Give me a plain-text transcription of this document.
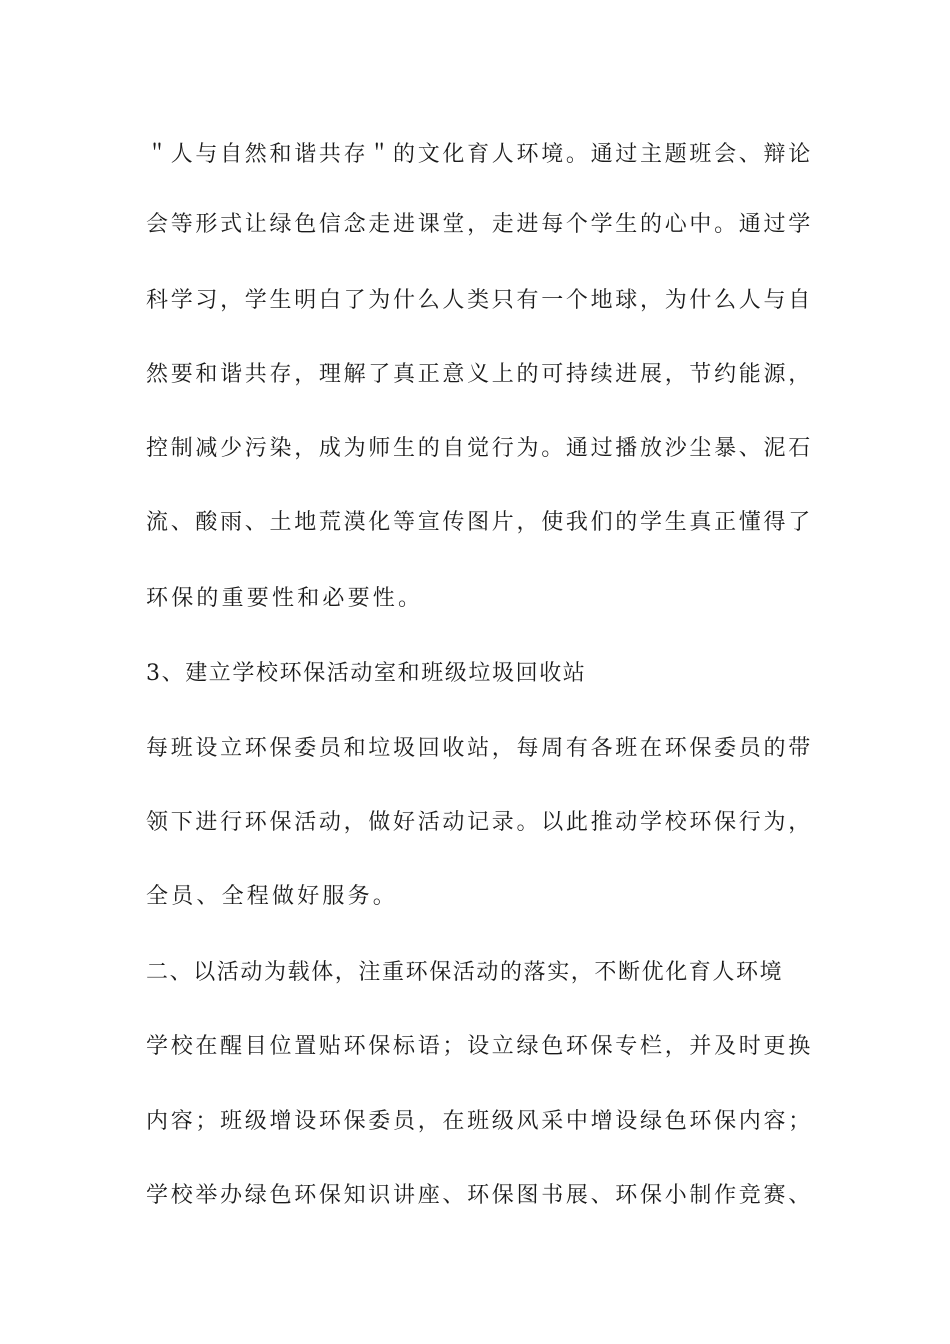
＂人与自然和谐共存＂的文化育人环境。通过主题班会、辩论
会等形式让绿色信念走进课堂，走进每个学生的心中。通过学
科学习，学生明白了为什么人类只有一个地球，为什么人与自
然要和谐共存，理解了真正意义上的可持续进展，节约能源，
控制减少污染，成为师生的自觉行为。通过播放沙尘暴、泥石
流、酸雨、土地荒漠化等宣传图片，使我们的学生真正懂得了
环保的重要性和必要性。
3、建立学校环保活动室和班级垃圾回收站
每班设立环保委员和垃圾回收站，每周有各班在环保委员的带
领下进行环保活动，做好活动记录。以此推动学校环保行为，
全员、全程做好服务。
二、以活动为载体，注重环保活动的落实，不断优化育人环境
学校在醒目位置贴环保标语；设立绿色环保专栏，并及时更换
内容；班级增设环保委员，在班级风采中增设绿色环保内容；
学校举办绿色环保知识讲座、环保图书展、环保小制作竞赛、
